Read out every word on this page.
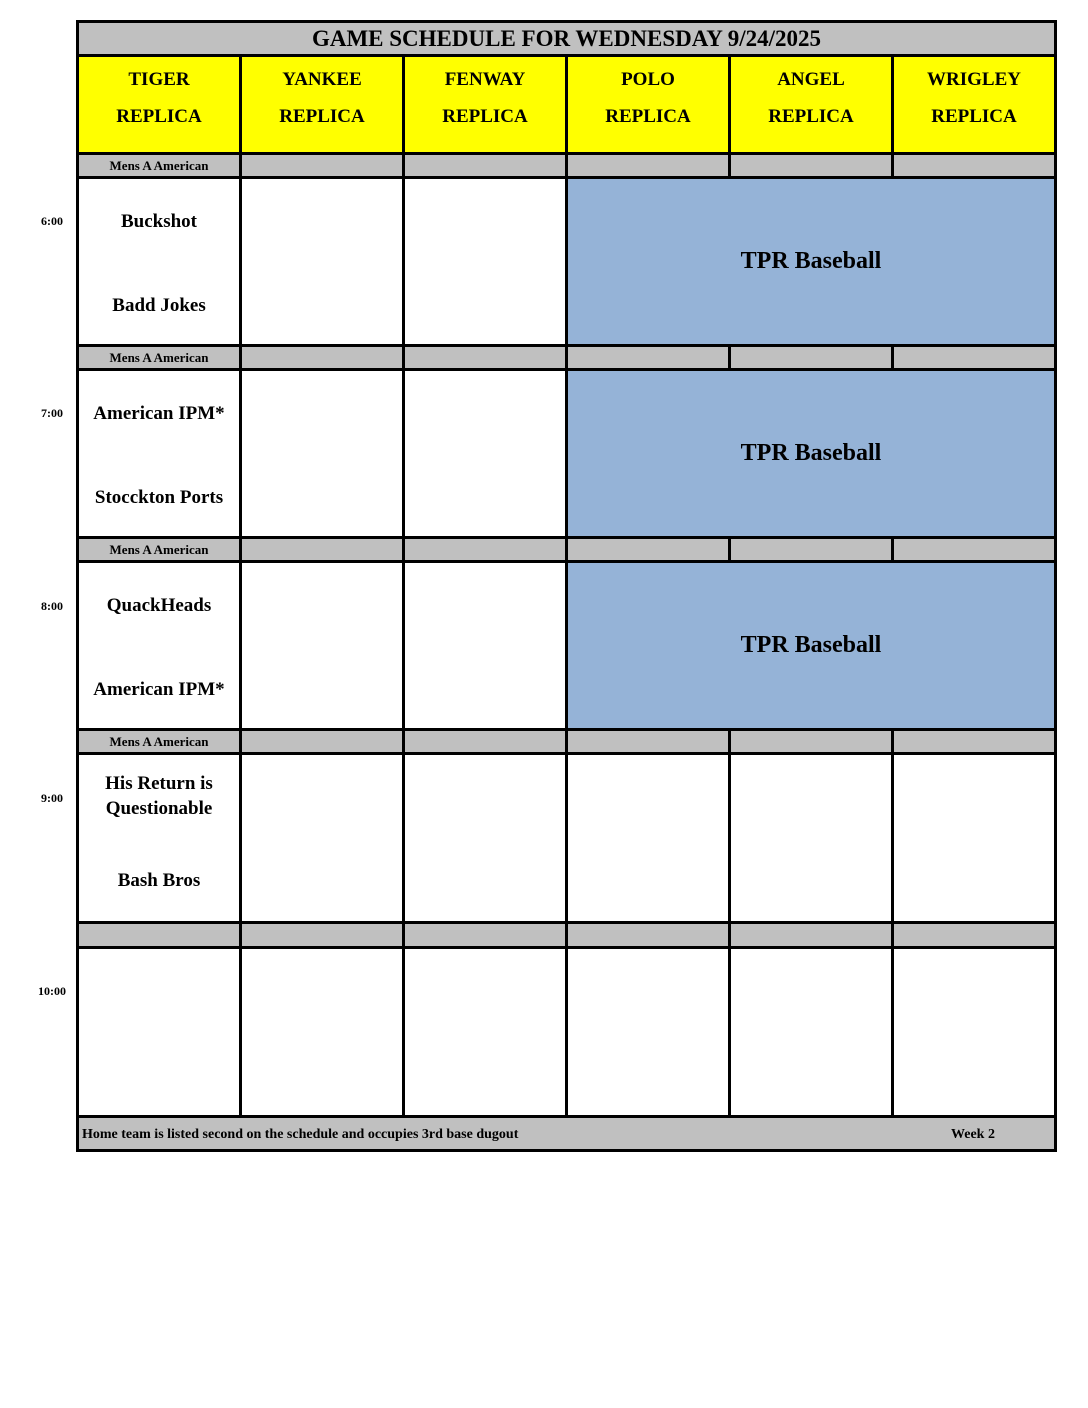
6:00
7:00
8:00
9:00
10:00
GAME SCHEDULE FOR WEDNESDAY 9/24/2025
TIGER
REPLICA
YANKEE
REPLICA
FENWAY
REPLICA
POLO
REPLICA
ANGEL
REPLICA
WRIGLEY
REPLICA
Mens A American
Buckshot
Badd Jokes
TPR Baseball
Mens A American
American IPM*
Stocckton Ports
TPR Baseball
Mens A American
QuackHeads
American IPM*
TPR Baseball
Mens A American
His Return is
Questionable
Bash Bros
Home team is listed second on the schedule and occupies 3rd base dugout	Week 2
